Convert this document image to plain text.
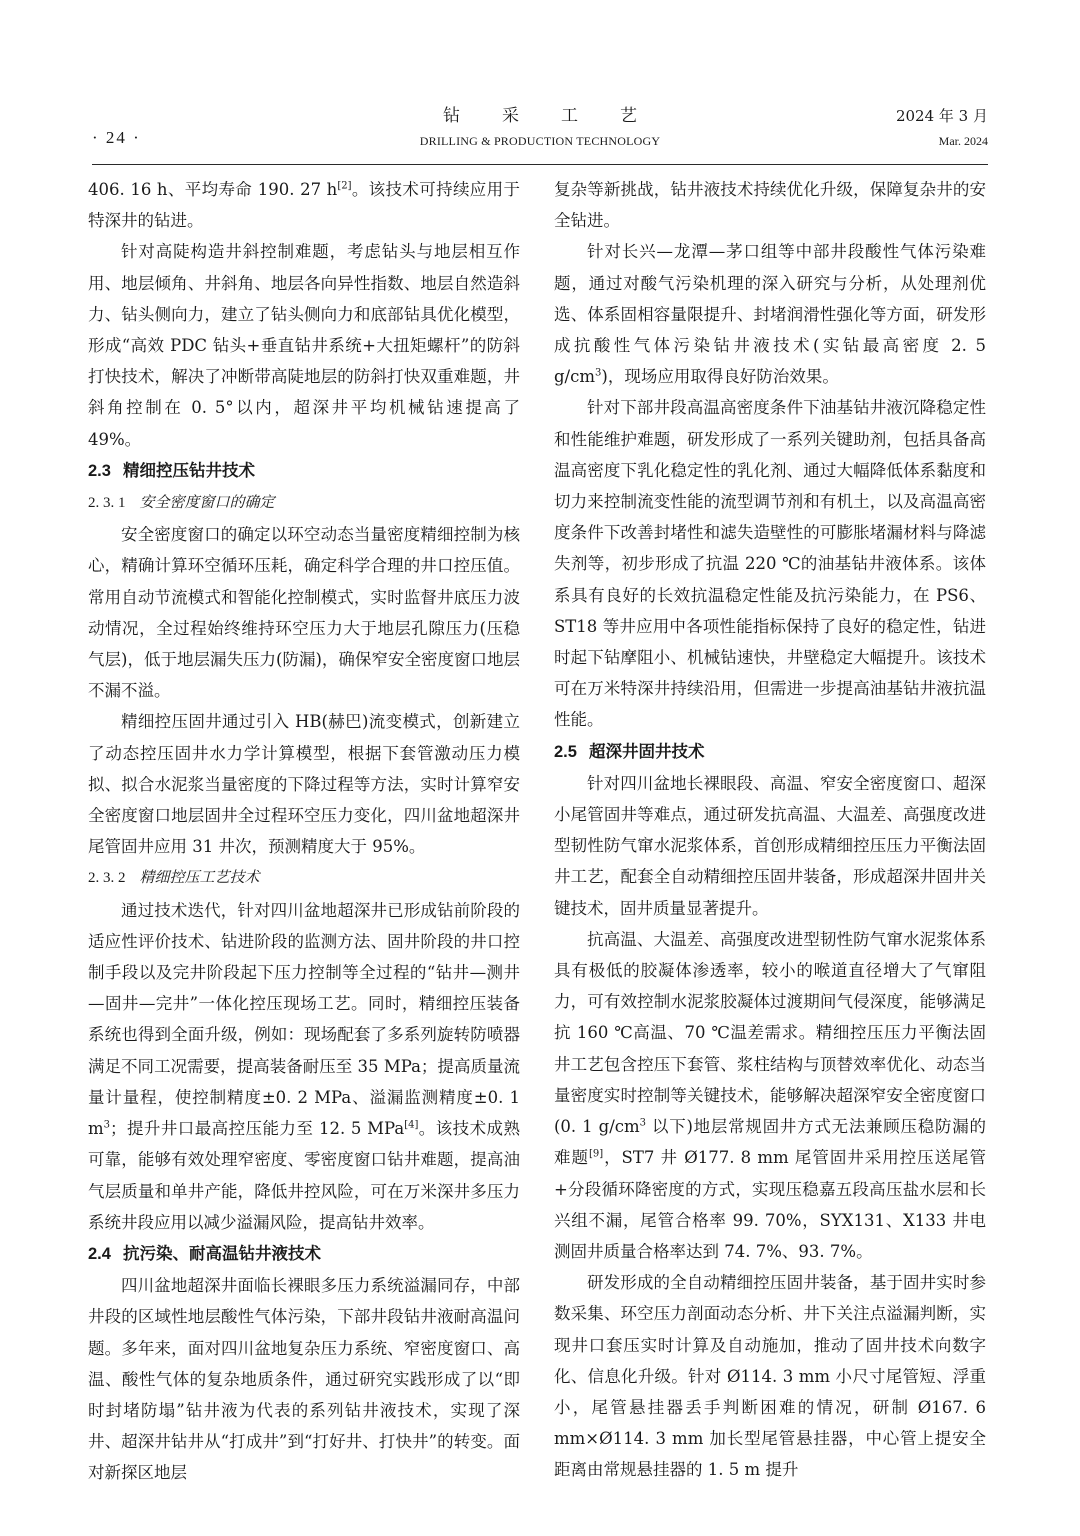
· 24 ·
钻采工艺
DRILLING & PRODUCTION TECHNOLOGY
2024 年 3 月
Mar. 2024

406. 16 h、平均寿命 190. 27 h[2]。该技术可持续应用于特深井的钻进。

针对高陡构造井斜控制难题，考虑钻头与地层相互作用、地层倾角、井斜角、地层各向异性指数、地层自然造斜力、钻头侧向力，建立了钻头侧向力和底部钻具优化模型，形成“高效 PDC 钻头+垂直钻井系统+大扭矩螺杆”的防斜打快技术，解决了冲断带高陡地层的防斜打快双重难题，井斜角控制在 0. 5°以内，超深井平均机械钻速提高了 49%。

2.3 精细控压钻井技术
2. 3. 1 安全密度窗口的确定

安全密度窗口的确定以环空动态当量密度精细控制为核心，精确计算环空循环压耗，确定科学合理的井口控压值。常用自动节流模式和智能化控制模式，实时监督井底压力波动情况，全过程始终维持环空压力大于地层孔隙压力(压稳气层)，低于地层漏失压力(防漏)，确保窄安全密度窗口地层不漏不溢。

精细控压固井通过引入 HB(赫巴)流变模式，创新建立了动态控压固井水力学计算模型，根据下套管激动压力模拟、拟合水泥浆当量密度的下降过程等方法，实时计算窄安全密度窗口地层固井全过程环空压力变化，四川盆地超深井尾管固井应用 31 井次，预测精度大于 95%。

2. 3. 2 精细控压工艺技术

通过技术迭代，针对四川盆地超深井已形成钻前阶段的适应性评价技术、钻进阶段的监测方法、固井阶段的井口控制手段以及完井阶段起下压力控制等全过程的“钻井—测井—固井—完井”一体化控压现场工艺。同时，精细控压装备系统也得到全面升级，例如：现场配套了多系列旋转防喷器满足不同工况需要，提高装备耐压至 35 MPa；提高质量流量计量程，使控制精度±0. 2 MPa、溢漏监测精度±0. 1 $m^3$；提升井口最高控压能力至 12. 5 MPa[4]。该技术成熟可靠，能够有效处理窄密度、零密度窗口钻井难题，提高油气层质量和单井产能，降低井控风险，可在万米深井多压力系统井段应用以减少溢漏风险，提高钻井效率。

2.4 抗污染、耐高温钻井液技术

四川盆地超深井面临长裸眼多压力系统溢漏同存，中部井段的区域性地层酸性气体污染，下部井段钻井液耐高温问题。多年来，面对四川盆地复杂压力系统、窄密度窗口、高温、酸性气体的复杂地质条件，通过研究实践形成了以“即时封堵防塌”钻井液为代表的系列钻井液技术，实现了深井、超深井钻井从“打成井”到“打好井、打快井”的转变。面对新探区地层

复杂等新挑战，钻井液技术持续优化升级，保障复杂井的安全钻进。

针对长兴—龙潭—茅口组等中部井段酸性气体污染难题，通过对酸气污染机理的深入研究与分析，从处理剂优选、体系固相容量限提升、封堵润滑性强化等方面，研发形成抗酸性气体污染钻井液技术(实钻最高密度 2. 5 $g/cm^3$)，现场应用取得良好防治效果。

针对下部井段高温高密度条件下油基钻井液沉降稳定性和性能维护难题，研发形成了一系列关键助剂，包括具备高温高密度下乳化稳定性的乳化剂、通过大幅降低体系黏度和切力来控制流变性能的流型调节剂和有机土，以及高温高密度条件下改善封堵性和滤失造壁性的可膨胀堵漏材料与降滤失剂等，初步形成了抗温 220 ℃的油基钻井液体系。该体系具有良好的长效抗温稳定性能及抗污染能力，在 PS6、ST18 等井应用中各项性能指标保持了良好的稳定性，钻进时起下钻摩阻小、机械钻速快，井壁稳定大幅提升。该技术可在万米特深井持续沿用，但需进一步提高油基钻井液抗温性能。

2.5 超深井固井技术

针对四川盆地长裸眼段、高温、窄安全密度窗口、超深小尾管固井等难点，通过研发抗高温、大温差、高强度改进型韧性防气窜水泥浆体系，首创形成精细控压压力平衡法固井工艺，配套全自动精细控压固井装备，形成超深井固井关键技术，固井质量显著提升。

抗高温、大温差、高强度改进型韧性防气窜水泥浆体系具有极低的胶凝体渗透率，较小的喉道直径增大了气窜阻力，可有效控制水泥浆胶凝体过渡期间气侵深度，能够满足抗 160 ℃高温、70 ℃温差需求。精细控压压力平衡法固井工艺包含控压下套管、浆柱结构与顶替效率优化、动态当量密度实时控制等关键技术，能够解决超深窄安全密度窗口(0. 1 $g/cm^3$ 以下)地层常规固井方式无法兼顾压稳防漏的难题[9]，ST7 井 Ø177. 8 mm 尾管固井采用控压送尾管+分段循环降密度的方式，实现压稳嘉五段高压盐水层和长兴组不漏，尾管合格率 99. 70%，SYX131、X133 井电测固井质量合格率达到 74. 7%、93. 7%。

研发形成的全自动精细控压固井装备，基于固井实时参数采集、环空压力剖面动态分析、井下关注点溢漏判断，实现井口套压实时计算及自动施加，推动了固井技术向数字化、信息化升级。针对 Ø114. 3 mm 小尺寸尾管短、浮重小，尾管悬挂器丢手判断困难的情况，研制 Ø167. 6 mm×Ø114. 3 mm 加长型尾管悬挂器，中心管上提安全距离由常规悬挂器的 1. 5 m 提升
